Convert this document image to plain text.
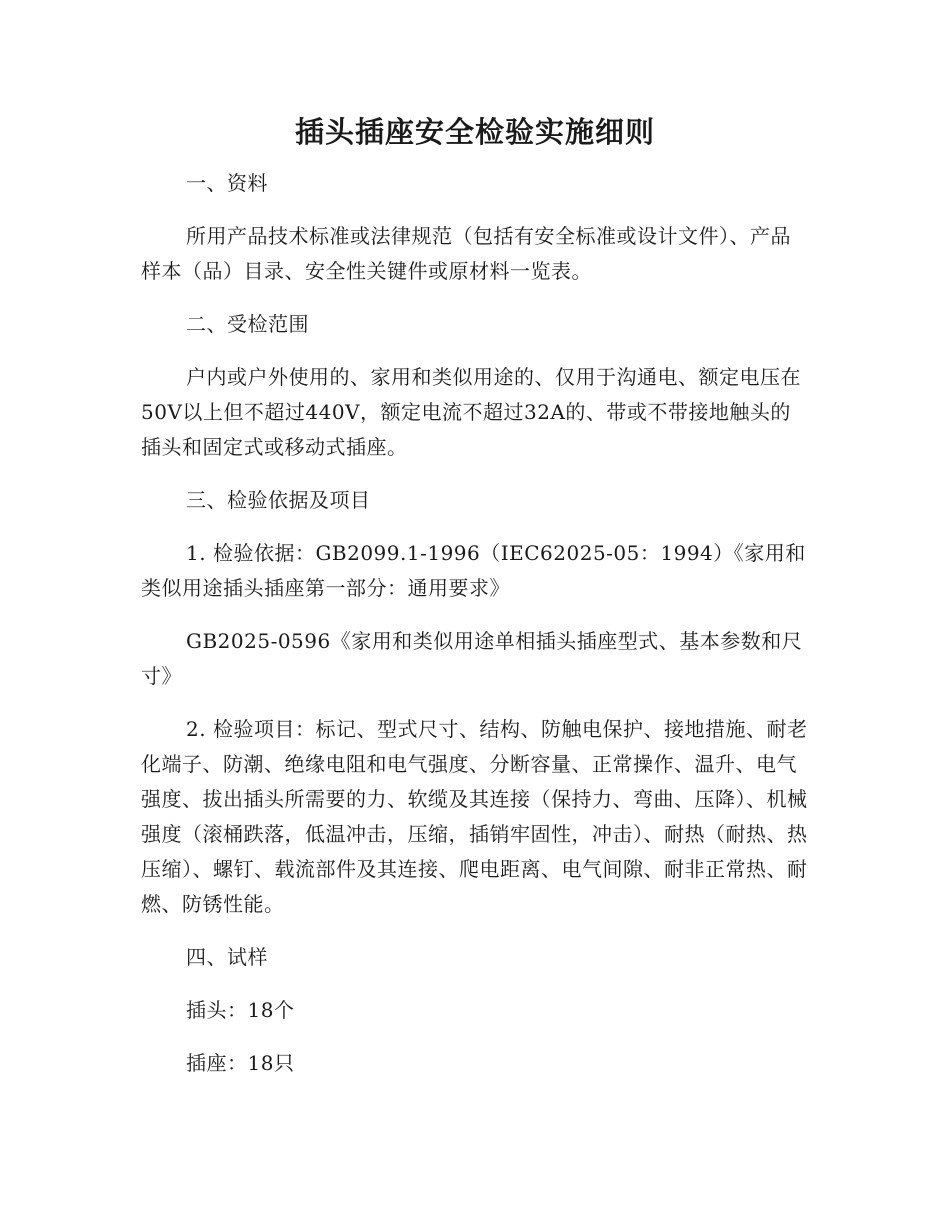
插头插座安全检验实施细则

一、资料

所用产品技术标准或法律规范（包括有安全标准或设计文件）、产品样本（品）目录、安全性关键件或原材料一览表。

二、受检范围

户内或户外使用的、家用和类似用途的、仅用于沟通电、额定电压在50V以上但不超过440V，额定电流不超过32A的、带或不带接地触头的插头和固定式或移动式插座。

三、检验依据及项目

1. 检验依据：GB2099.1-1996（IEC62025-05：1994）《家用和类似用途插头插座第一部分：通用要求》

GB2025-0596《家用和类似用途单相插头插座型式、基本参数和尺寸》

2. 检验项目：标记、型式尺寸、结构、防触电保护、接地措施、耐老化端子、防潮、绝缘电阻和电气强度、分断容量、正常操作、温升、电气强度、拔出插头所需要的力、软缆及其连接（保持力、弯曲、压降）、机械强度（滚桶跌落，低温冲击，压缩，插销牢固性，冲击）、耐热（耐热、热压缩）、螺钉、载流部件及其连接、爬电距离、电气间隙、耐非正常热、耐燃、防锈性能。

四、试样

插头：18个

插座：18只
